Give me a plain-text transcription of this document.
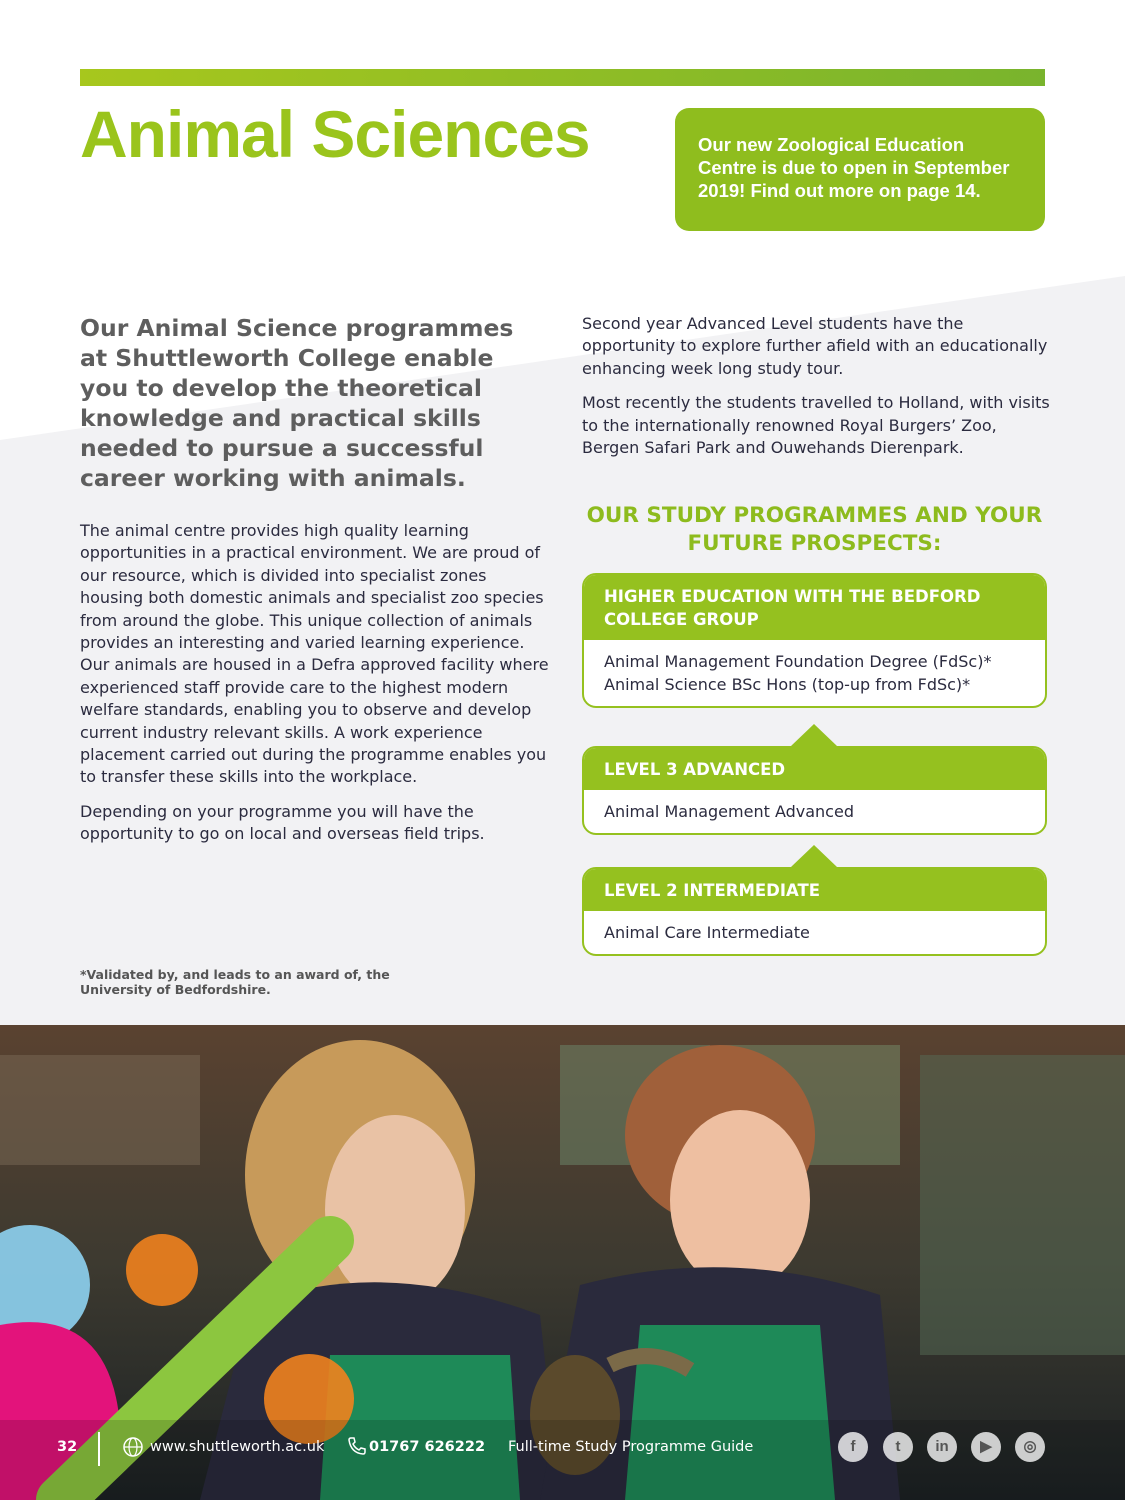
Animal Sciences	Our new Zoological Education Centre is due to open in September 2019! Find out more on page 14.

Our Animal Science programmes at Shuttleworth College enable you to develop the theoretical knowledge and practical skills needed to pursue a successful career working with animals.

The animal centre provides high quality learning opportunities in a practical environment. We are proud of our resource, which is divided into specialist zones housing both domestic animals and specialist zoo species from around the globe. This unique collection of animals provides an interesting and varied learning experience. Our animals are housed in a Defra approved facility where experienced staff provide care to the highest modern welfare standards, enabling you to observe and develop current industry relevant skills. A work experience placement carried out during the programme enables you to transfer these skills into the workplace.

Depending on your programme you will have the opportunity to go on local and overseas field trips.

Second year Advanced Level students have the opportunity to explore further afield with an educationally enhancing week long study tour.

Most recently the students travelled to Holland, with visits to the internationally renowned Royal Burgers’ Zoo, Bergen Safari Park and Ouwehands Dierenpark.

OUR STUDY PROGRAMMES AND YOUR FUTURE PROSPECTS:
HIGHER EDUCATION WITH THE BEDFORD COLLEGE GROUP
Animal Management Foundation Degree (FdSc)*
Animal Science BSc Hons (top-up from FdSc)*
LEVEL 3 ADVANCED
Animal Management Advanced
LEVEL 2 INTERMEDIATE
Animal Care Intermediate
*Validated by, and leads to an award of, the University of Bedfordshire.
32	www.shuttleworth.ac.uk	01767 626222 Full-time Study Programme Guide	f	t	in	▶	◎
